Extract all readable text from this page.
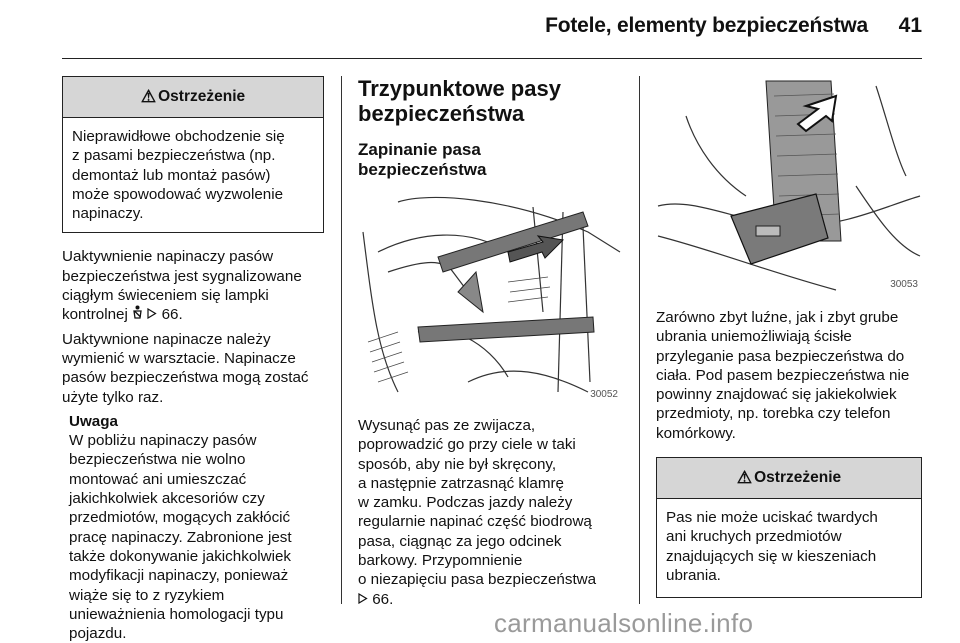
Fotele, elementy bezpieczeństwa 41
⚠ Ostrzeżenie
Nieprawidłowe obchodzenie się
z pasami bezpieczeństwa (np.
demontaż lub montaż pasów)
może spowodować wyzwolenie
napinaczy.

Uaktywnienie napinaczy pasów
bezpieczeństwa jest sygnalizowane
ciągłym świeceniem się lampki
kontrolnej 66.

Uaktywnione napinacze należy
wymienić w warsztacie. Napinacze
pasów bezpieczeństwa mogą zostać
użyte tylko raz.

Uwaga

W pobliżu napinaczy pasów
bezpieczeństwa nie wolno
montować ani umieszczać
jakichkolwiek akcesoriów czy
przedmiotów, mogących zakłócić
pracę napinaczy. Zabronione jest
także dokonywanie jakichkolwiek
modyfikacji napinaczy, ponieważ
wiąże się to z ryzykiem
unieważnienia homologacji typu
pojazdu.

Trzypunktowe pasy
bezpieczeństwa
Zapinanie pasa
bezpieczeństwa
30052

Wysunąć pas ze zwijacza,
poprowadzić go przy ciele w taki
sposób, aby nie był skręcony,
a następnie zatrzasnąć klamrę
w zamku. Podczas jazdy należy
regularnie napinać część biodrową
pasa, ciągnąc za jego odcinek
barkowy. Przypomnienie
o niezapięciu pasa bezpieczeństwa
66.

30053

Zarówno zbyt luźne, jak i zbyt grube
ubrania uniemożliwiają ścisłe
przyleganie pasa bezpieczeństwa do
ciała. Pod pasem bezpieczeństwa nie
powinny znajdować się jakiekolwiek
przedmioty, np. torebka czy telefon
komórkowy.

⚠ Ostrzeżenie
Pas nie może uciskać twardych
ani kruchych przedmiotów
znajdujących się w kieszeniach
ubrania.
carmanualsonline.info
